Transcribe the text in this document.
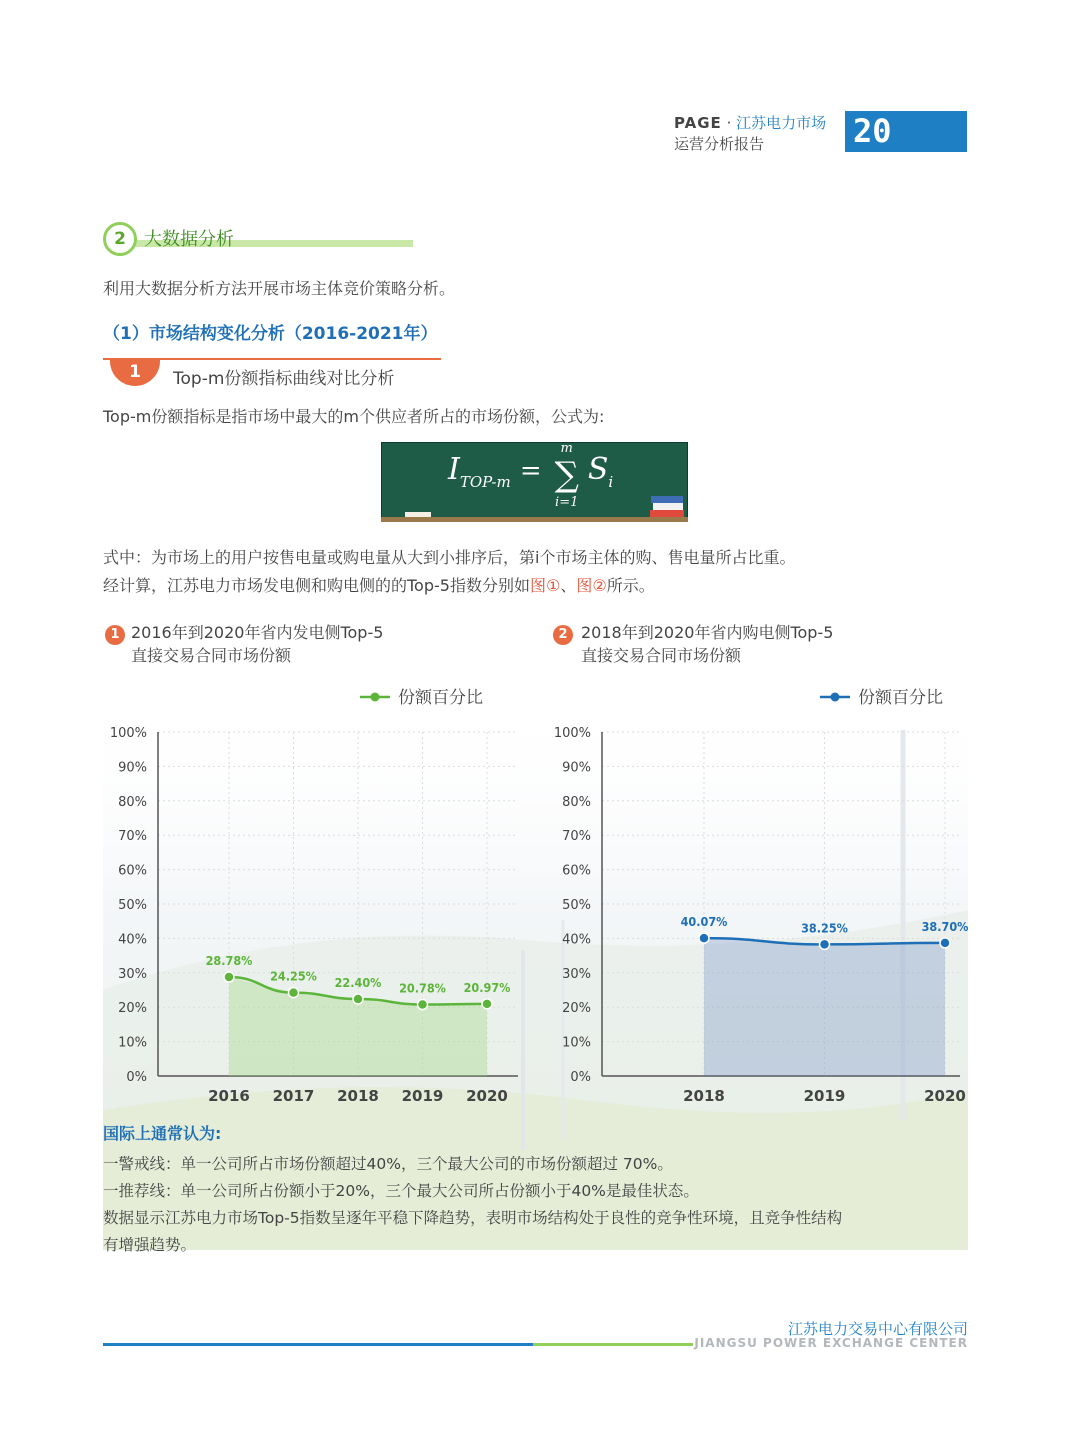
PAGE · 江苏电力市场
运营分析报告	20
2	大数据分析
利用大数据分析方法开展市场主体竞价策略分析。
（1）市场结构变化分析（2016-2021年）
1	Top-m份额指标曲线对比分析
Top-m份额指标是指市场中最大的m个供应者所占的市场份额，公式为:
ITOP-m =
m
∑
i=1
Si
式中：为市场上的用户按售电量或购电量从大到小排序后，第i个市场主体的购、售电量所占比重。
经计算，江苏电力市场发电侧和购电侧的的Top-5指数分别如图①、图②所示。
1 2016年到2020年省内发电侧Top-5
直接交易合同市场份额
2 2018年到2020年省内购电侧Top-5
直接交易合同市场份额
份额百分比
0%
10%
20%
30%
40%
50%
60%
70%
80%
90%
100%
28.78%
2016
24.25%
2017
22.40%
2018
20.78%
2019
20.97%
2020
份额百分比
0%
10%
20%
30%
40%
50%
60%
70%
80%
90%
100%
40.07%
2018
38.25%
2019
38.70%
2020
国际上通常认为:
一警戒线：单一公司所占市场份额超过40%，三个最大公司的市场份额超过 70%。
一推荐线：单一公司所占份额小于20%，三个最大公司所占份额小于40%是最佳状态。
数据显示江苏电力市场Top-5指数呈逐年平稳下降趋势，表明市场结构处于良性的竞争性环境，且竞争性结构
有增强趋势。
江苏电力交易中心有限公司
JIANGSU POWER EXCHANGE CENTER
